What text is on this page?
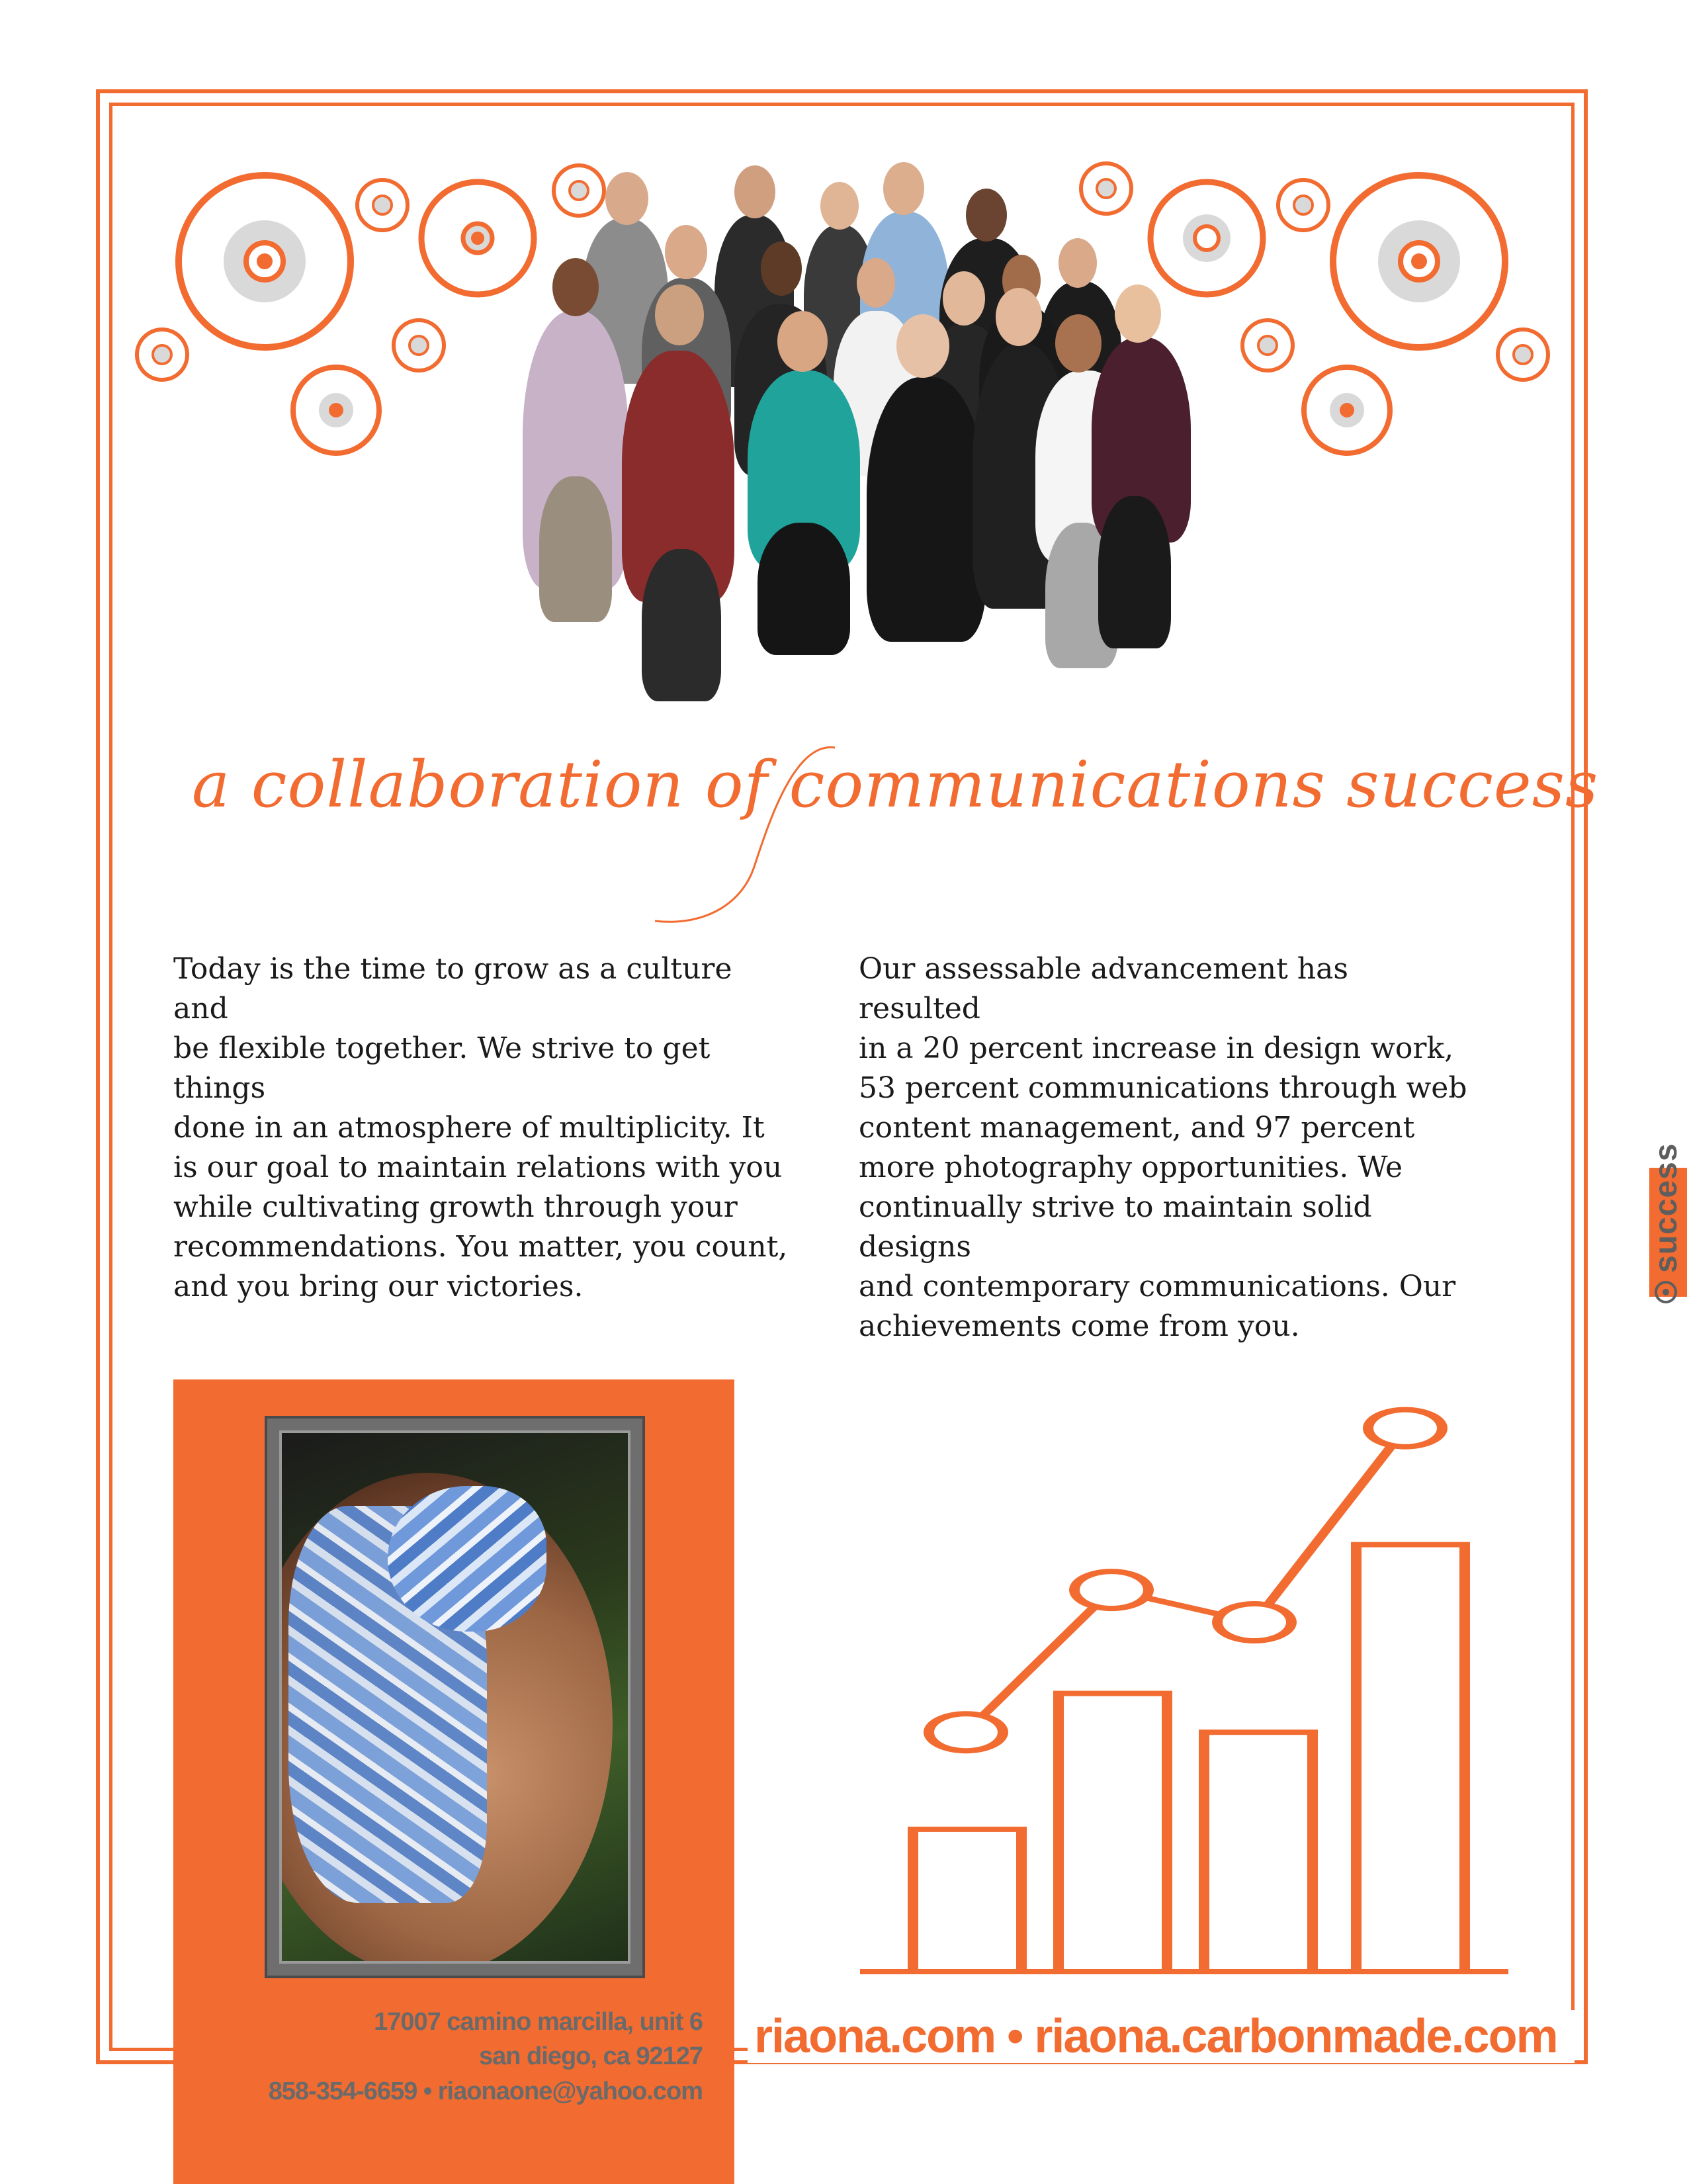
success
a collaboration of communications success
Today is the time to grow as a culture and
be flexible together. We strive to get things
done in an atmosphere of multiplicity. It
is our goal to maintain relations with you
while cultivating growth through your
recommendations. You matter, you count,
and you bring our victories.
Our assessable advancement has resulted
in a 20 percent increase in design work,
53 percent communications through web
content management, and 97 percent
more photography opportunities. We
continually strive to maintain solid designs
and contemporary communications. Our
achievements come from you.
17007 camino marcilla, unit 6
san diego, ca 92127
858-354-6659 • riaonaone@yahoo.com
riaona.com • riaona.carbonmade.com
